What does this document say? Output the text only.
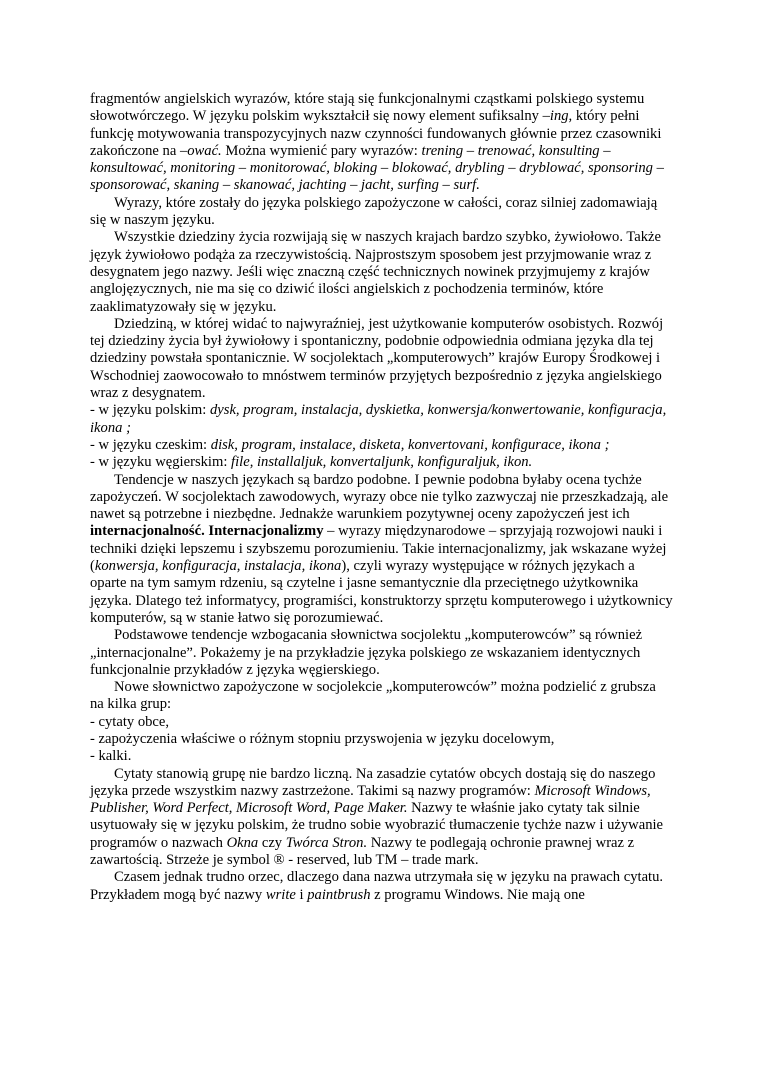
fragmentów angielskich wyrazów, które stają się funkcjonalnymi cząstkami polskiego systemu słowotwórczego. W języku polskim wykształcił się nowy element sufiksalny –ing, który pełni funkcję motywowania transpozycyjnych nazw czynności fundowanych głównie przez czasowniki zakończone na –ować. Można wymienić pary wyrazów: trening – trenować, konsulting – konsultować, monitoring – monitorować, bloking – blokować, drybling – dryblować, sponsoring – sponsorować, skaning – skanować, jachting – jacht, surfing – surf.

Wyrazy, które zostały do języka polskiego zapożyczone w całości, coraz silniej zadomawiają się w naszym języku.

Wszystkie dziedziny życia rozwijają się w naszych krajach bardzo szybko, żywiołowo. Także język żywiołowo podąża za rzeczywistością. Najprostszym sposobem jest przyjmowanie wraz z desygnatem jego nazwy. Jeśli więc znaczną część technicznych nowinek przyjmujemy z krajów anglojęzycznych, nie ma się co dziwić ilości angielskich z pochodzenia terminów, które zaaklimatyzowały się w języku.

Dziedziną, w której widać to najwyraźniej, jest użytkowanie komputerów osobistych. Rozwój tej dziedziny życia był żywiołowy i spontaniczny, podobnie odpowiednia odmiana języka dla tej dziedziny powstała spontanicznie. W socjolektach „komputerowych” krajów Europy Środkowej i Wschodniej zaowocowało to mnóstwem terminów przyjętych bezpośrednio z języka angielskiego wraz z desygnatem.

- w języku polskim: dysk, program, instalacja, dyskietka, konwersja/konwertowanie, konfiguracja, ikona ;

- w języku czeskim: disk, program, instalace, disketa, konvertovani, konfigurace, ikona ;

- w języku węgierskim: file, installaljuk, konvertaljunk, konfiguraljuk, ikon.

Tendencje w naszych językach są bardzo podobne. I pewnie podobna byłaby ocena tychże zapożyczeń. W socjolektach zawodowych, wyrazy obce nie tylko zazwyczaj nie przeszkadzają, ale nawet są potrzebne i niezbędne. Jednakże warunkiem pozytywnej oceny zapożyczeń jest ich internacjonalność. Internacjonalizmy – wyrazy międzynarodowe – sprzyjają rozwojowi nauki i techniki dzięki lepszemu i szybszemu porozumieniu. Takie internacjonalizmy, jak wskazane wyżej (konwersja, konfiguracja, instalacja, ikona), czyli wyrazy występujące w różnych językach a oparte na tym samym rdzeniu, są czytelne i jasne semantycznie dla przeciętnego użytkownika języka. Dlatego też informatycy, programiści, konstruktorzy sprzętu komputerowego i użytkownicy komputerów, są w stanie łatwo się porozumiewać.

Podstawowe tendencje wzbogacania słownictwa socjolektu „komputerowców” są również „internacjonalne”. Pokażemy je na przykładzie języka polskiego ze wskazaniem identycznych funkcjonalnie przykładów z języka węgierskiego.

Nowe słownictwo zapożyczone w socjolekcie „komputerowców” można podzielić z grubsza na kilka grup:

- cytaty obce,

- zapożyczenia właściwe o różnym stopniu przyswojenia w języku docelowym,

- kalki.

Cytaty stanowią grupę nie bardzo liczną. Na zasadzie cytatów obcych dostają się do naszego języka przede wszystkim nazwy zastrzeżone. Takimi są nazwy programów: Microsoft Windows, Publisher, Word Perfect, Microsoft Word, Page Maker. Nazwy te właśnie jako cytaty tak silnie usytuowały się w języku polskim, że trudno sobie wyobrazić tłumaczenie tychże nazw i używanie programów o nazwach Okna czy Twórca Stron. Nazwy te podlegają ochronie prawnej wraz z zawartością. Strzeże je symbol ® - reserved, lub TM – trade mark.

Czasem jednak trudno orzec, dlaczego dana nazwa utrzymała się w języku na prawach cytatu. Przykładem mogą być nazwy write i paintbrush z programu Windows. Nie mają one
